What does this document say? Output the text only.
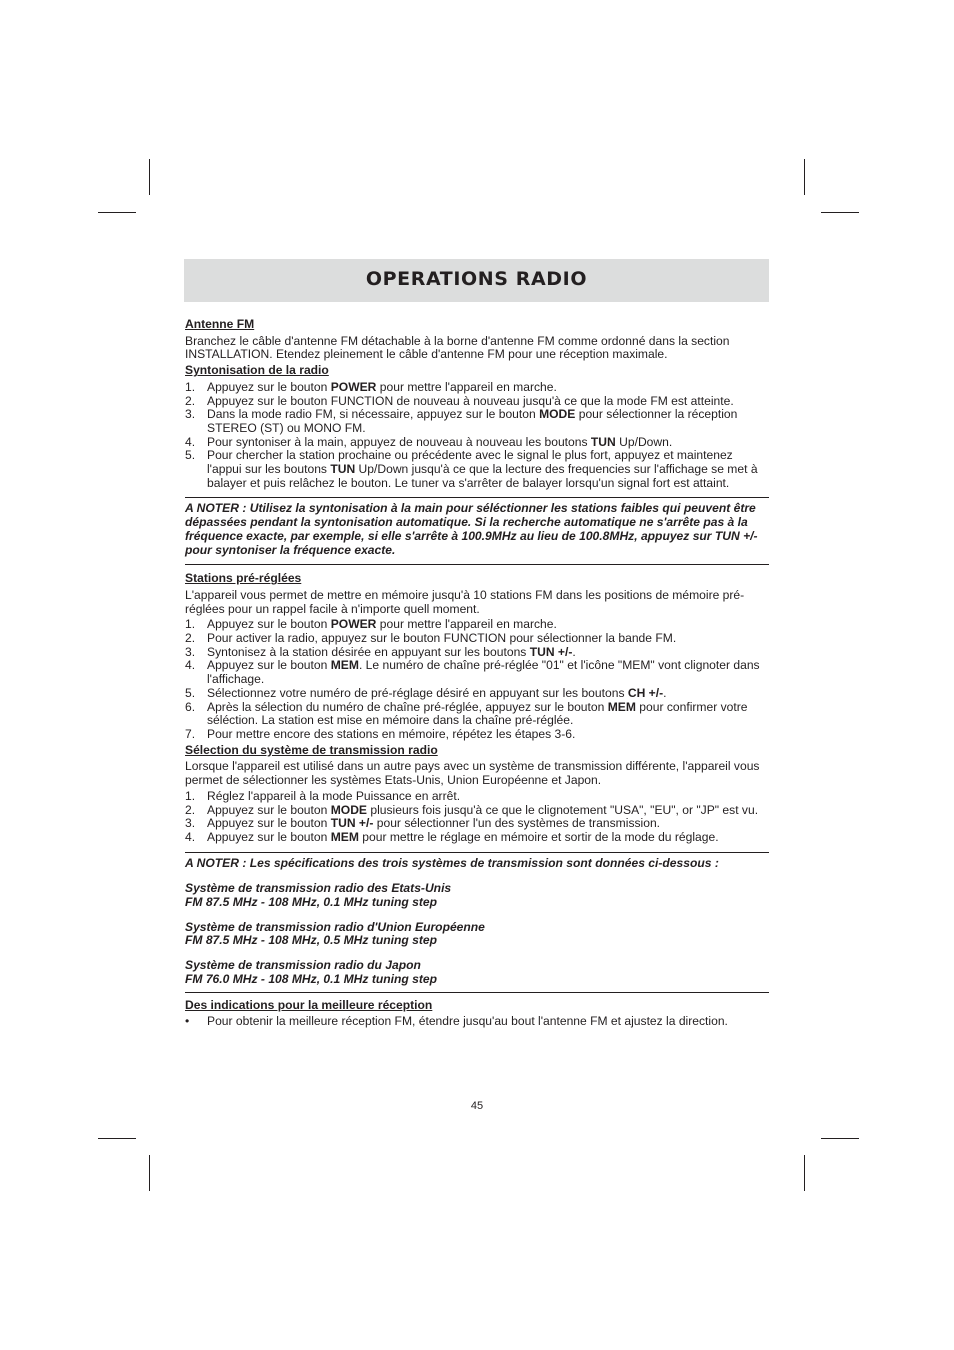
OPERATIONS RADIO
Antenne FM
Branchez le câble d'antenne FM détachable à la borne d'antenne FM comme ordonné dans la section INSTALLATION. Etendez pleinement le câble d'antenne FM pour une réception maximale.
Syntonisation de la radio
1. Appuyez sur le bouton POWER pour mettre l'appareil en marche.
2. Appuyez sur le bouton FUNCTION de nouveau à nouveau jusqu'à ce que la mode FM est atteinte.
3. Dans la mode radio FM, si nécessaire, appuyez sur le bouton MODE pour sélectionner la réception STEREO (ST) ou MONO FM.
4. Pour syntoniser à la main, appuyez de nouveau à nouveau les boutons TUN Up/Down.
5. Pour chercher la station prochaine ou précédente avec le signal le plus fort, appuyez et maintenez l'appui sur les boutons TUN Up/Down jusqu'à ce que la lecture des frequencies sur l'affichage se met à balayer et puis relâchez le bouton. Le tuner va s'arrêter de balayer lorsqu'un signal fort est attaint.
A NOTER : Utilisez la syntonisation à la main pour séléctionner les stations faibles qui peuvent être dépassées pendant la syntonisation automatique. Si la recherche automatique ne s'arrête pas à la fréquence exacte, par exemple, si elle s'arrête à 100.9MHz au lieu de 100.8MHz, appuyez sur TUN +/- pour syntoniser la fréquence exacte.
Stations pré-réglées
L'appareil vous permet de mettre en mémoire jusqu'à 10 stations FM dans les positions de mémoire pré-réglées pour un rappel facile à n'importe quell moment.
1. Appuyez sur le bouton POWER pour mettre l'appareil en marche.
2. Pour activer la radio, appuyez sur le bouton FUNCTION pour sélectionner la bande FM.
3. Syntonisez à la station désirée en appuyant sur les boutons TUN +/-.
4. Appuyez sur le bouton MEM. Le numéro de chaîne pré-réglée "01" et l'icône "MEM" vont clignoter dans l'affichage.
5. Sélectionnez votre numéro de pré-réglage désiré en appuyant sur les boutons CH +/-.
6. Après la sélection du numéro de chaîne pré-réglée, appuyez sur le bouton MEM pour confirmer votre séléction. La station est mise en mémoire dans la chaîne pré-réglée.
7. Pour mettre encore des stations en mémoire, répétez les étapes 3-6.
Sélection du système de transmission radio
Lorsque l'appareil est utilisé dans un autre pays avec un système de transmission différente, l'appareil vous permet de sélectionner les systèmes Etats-Unis, Union Européenne et Japon.
1. Réglez l'appareil à la mode Puissance en arrêt.
2. Appuyez sur le bouton MODE plusieurs fois jusqu'à ce que le clignotement "USA", "EU", or "JP" est vu.
3. Appuyez sur le bouton TUN +/- pour sélectionner l'un des systèmes de transmission.
4. Appuyez sur le bouton MEM pour mettre le réglage en mémoire et sortir de la mode du réglage.
A NOTER : Les spécifications des trois systèmes de transmission sont données ci-dessous :
Système de transmission radio des Etats-Unis
FM 87.5 MHz - 108 MHz, 0.1 MHz tuning step
Système de transmission radio d'Union Européenne
FM 87.5 MHz - 108 MHz, 0.5 MHz tuning step
Système de transmission radio du Japon
FM 76.0 MHz - 108 MHz, 0.1 MHz tuning step
Des indications pour la meilleure réception
• Pour obtenir la meilleure réception FM, étendre jusqu'au bout l'antenne FM et ajustez la direction.
45
